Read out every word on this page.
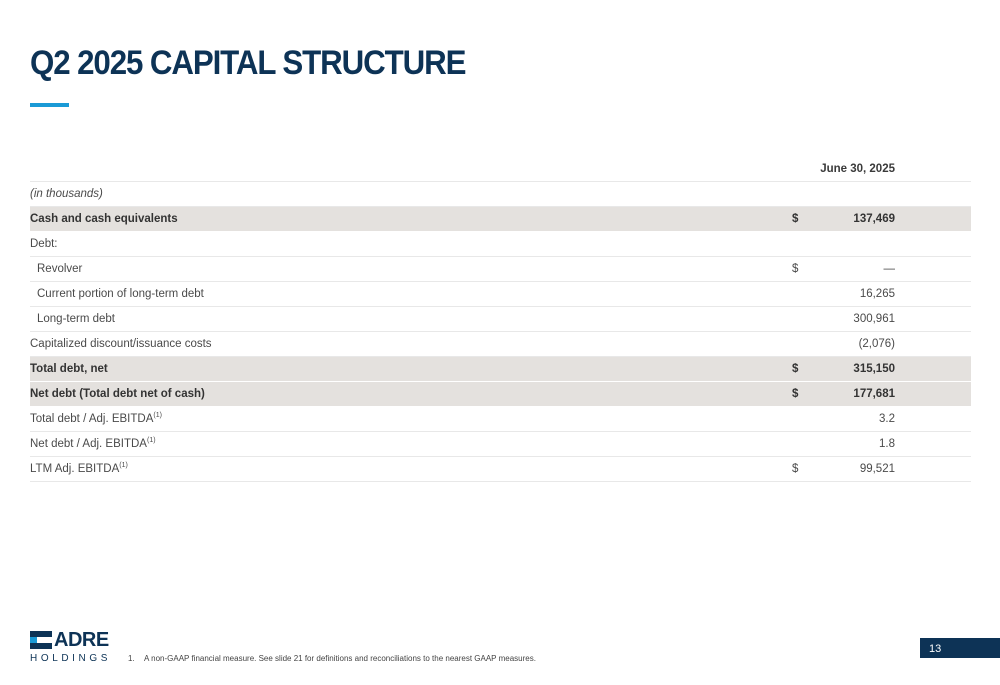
Q2 2025 CAPITAL STRUCTURE
June 30, 2025
(in thousands)
Cash and cash equivalents	$	137,469
Debt:
Revolver	$	—
Current portion of long-term debt	16,265
Long-term debt	300,961
Capitalized discount/issuance costs	(2,076)
Total debt, net	$	315,150
Net debt (Total debt net of cash)	$	177,681
Total debt / Adj. EBITDA$^{(1)}$	3.2
Net debt / Adj. EBITDA$^{(1)}$	1.8
LTM Adj. EBITDA$^{(1)}$	$	99,521
ADRE
HOLDINGS 1. A non-GAAP financial measure. See slide 21 for definitions and reconciliations to the nearest GAAP measures.
13
